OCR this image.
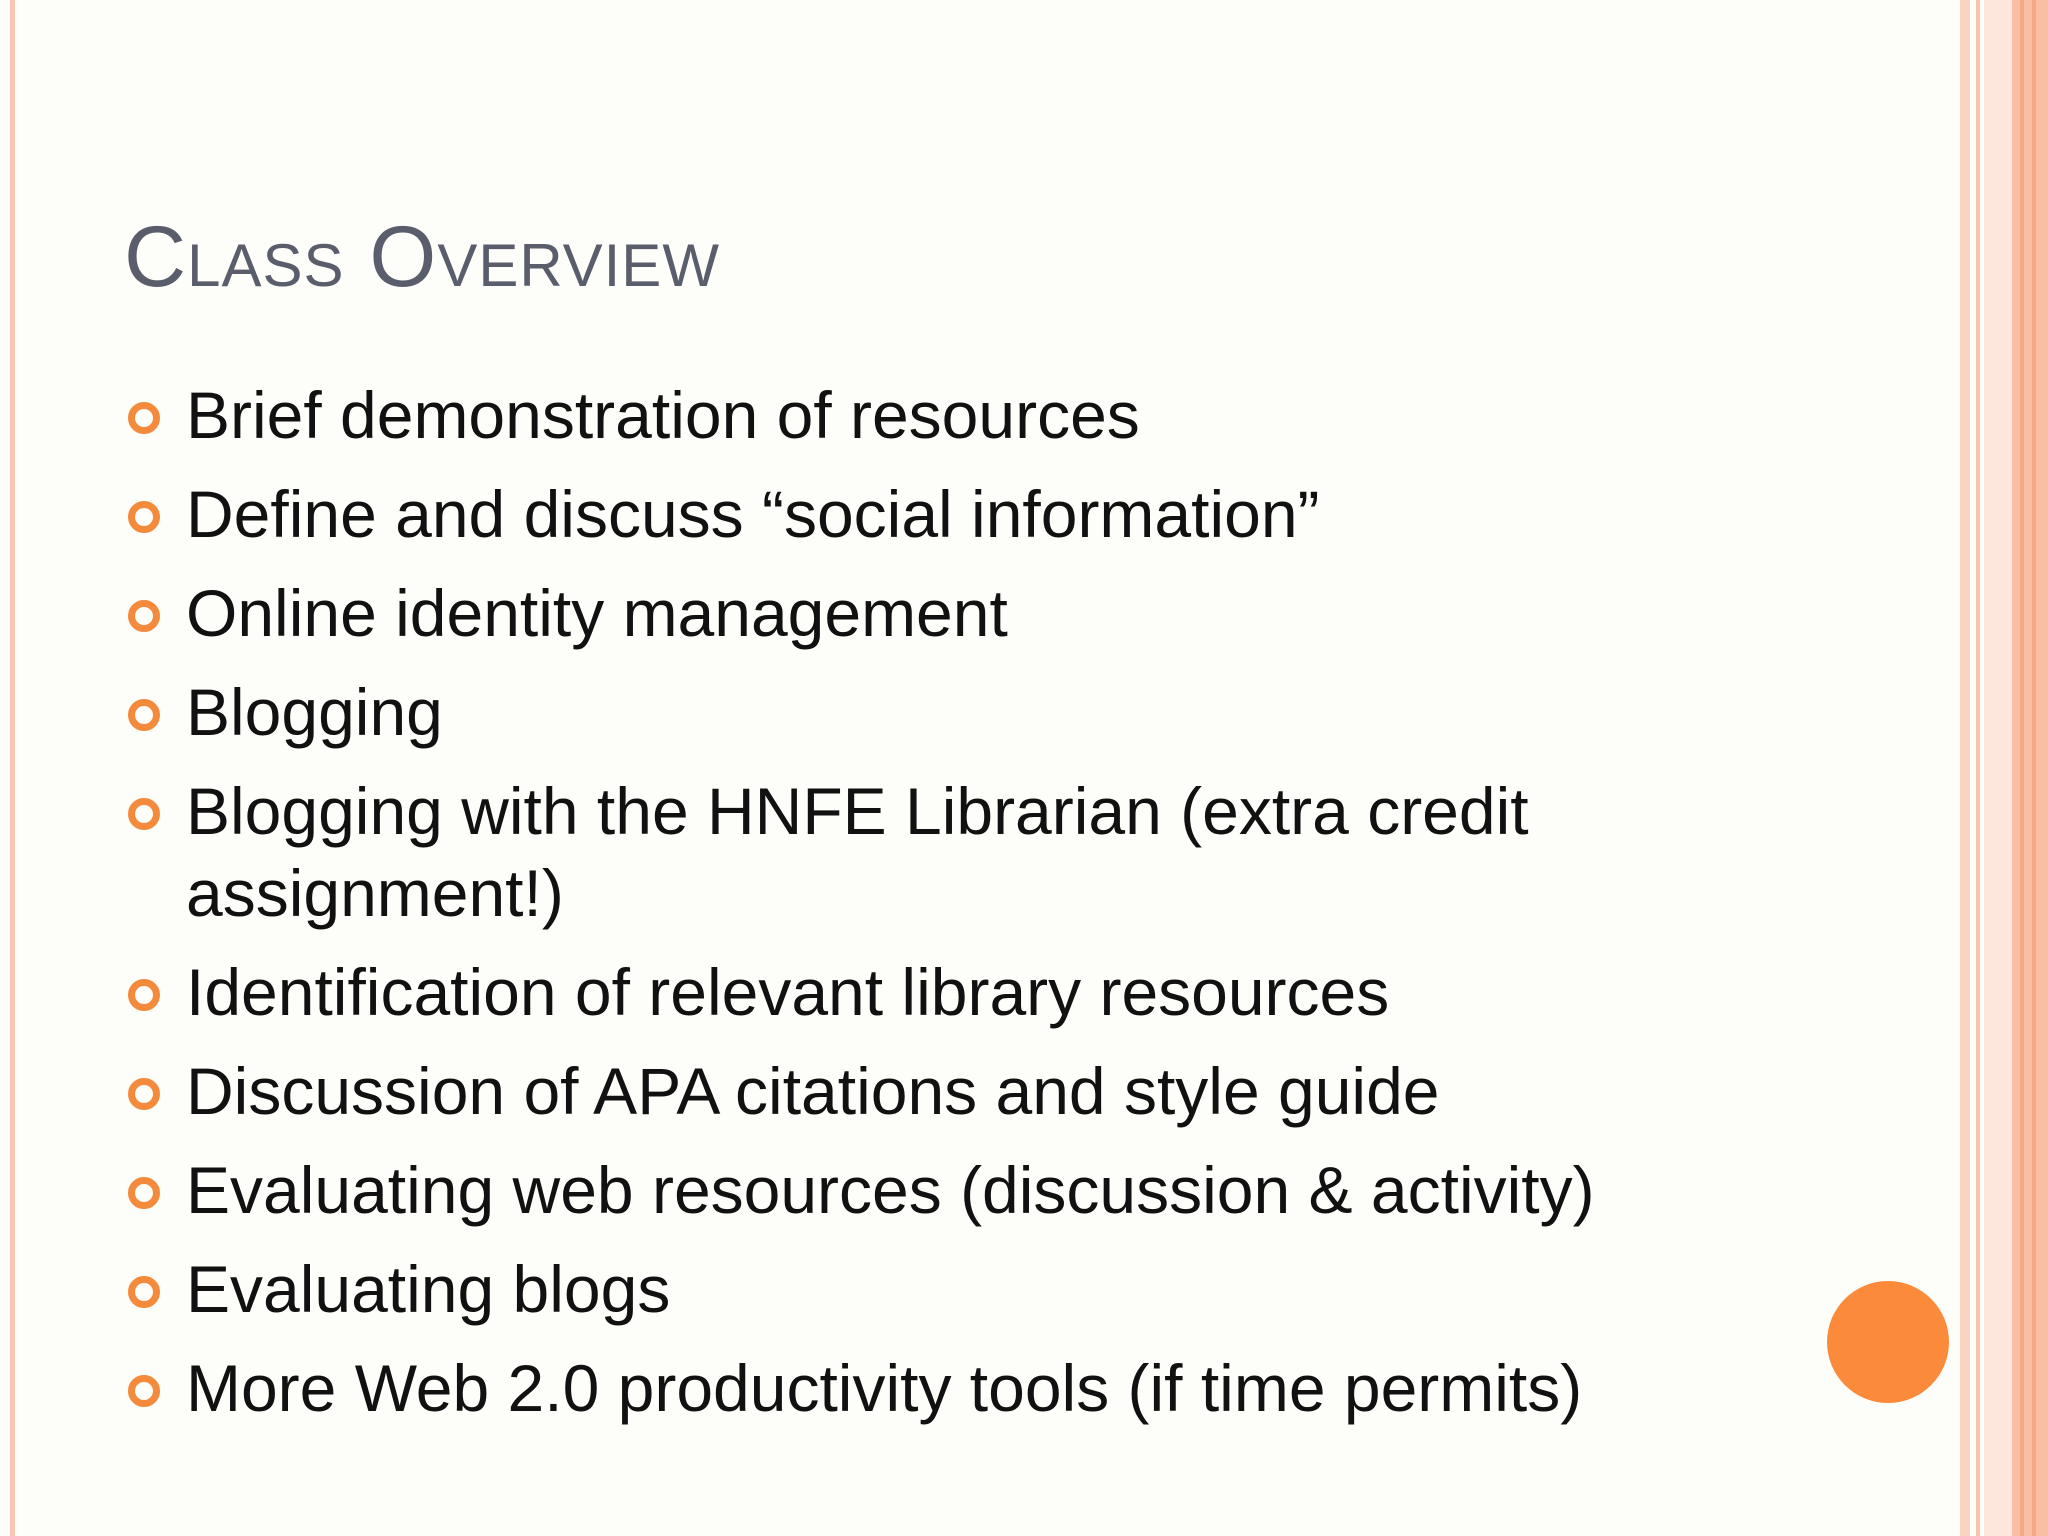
Class Overview
Brief demonstration of resources
Define and discuss “social information”
Online identity management
Blogging
Blogging with the HNFE Librarian (extra credit assignment!)
Identification of relevant library resources
Discussion of APA citations and style guide
Evaluating web resources (discussion & activity)
Evaluating blogs
More Web 2.0 productivity tools (if time permits)
